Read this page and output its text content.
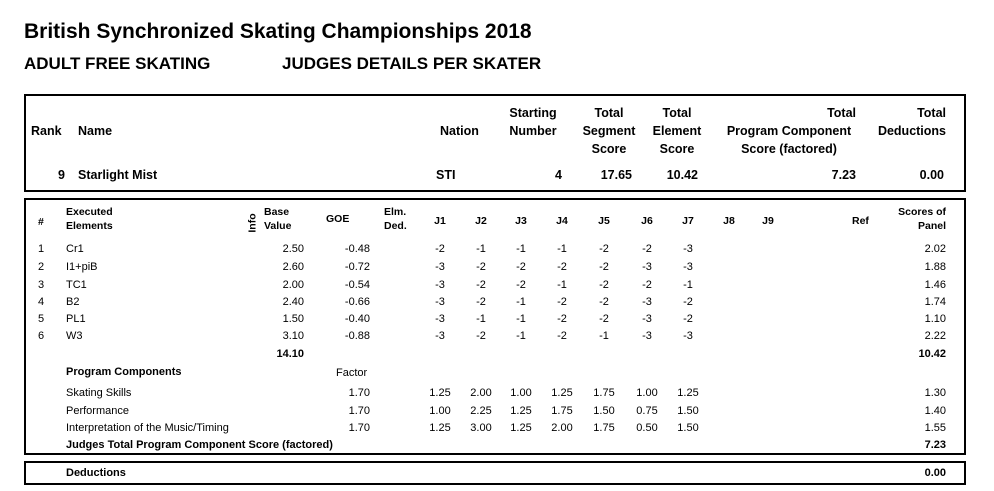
British Synchronized Skating Championships 2018
ADULT FREE SKATING	JUDGES DETAILS PER SKATER
Rank Name	Nation
Starting
Number
Total
Segment
Score
Total
Element
Score
Total
Program Component
Score (factored)
Total
Deductions
9 Starlight Mist	STI	4	17.65	10.42	7.23	0.00
#
Executed
Elements	Info
Base
Value
GOE
Elm.
Ded.	J1	J2	J3	J4	J5	J6	J7	J8	J9	Ref
Scores of
Panel
1 Cr1	2.50	-0.48	-2	-1	-1	-1	-2	-2	-3	2.02
2 I1+piB	2.60	-0.72	-3	-2	-2	-2	-2	-3	-3	1.88
3 TC1	2.00	-0.54	-3	-2	-2	-1	-2	-2	-1	1.46
4 B2	2.40	-0.66	-3	-2	-1	-2	-2	-3	-2	1.74
5 PL1	1.50	-0.40	-3	-1	-1	-2	-2	-3	-2	1.10
6 W3	3.10	-0.88	-3	-2	-1	-2	-1	-3	-3	2.22
14.10	10.42
Program Components	Factor
Skating Skills	1.70	1.25	2.00	1.00	1.25	1.75	1.00	1.25	1.30
Performance	1.70	1.00	2.25	1.25	1.75	1.50	0.75	1.50	1.40
Interpretation of the Music/Timing	1.70	1.25	3.00	1.25	2.00	1.75	0.50	1.50	1.55
Judges Total Program Component Score (factored)	7.23
Deductions	0.00
